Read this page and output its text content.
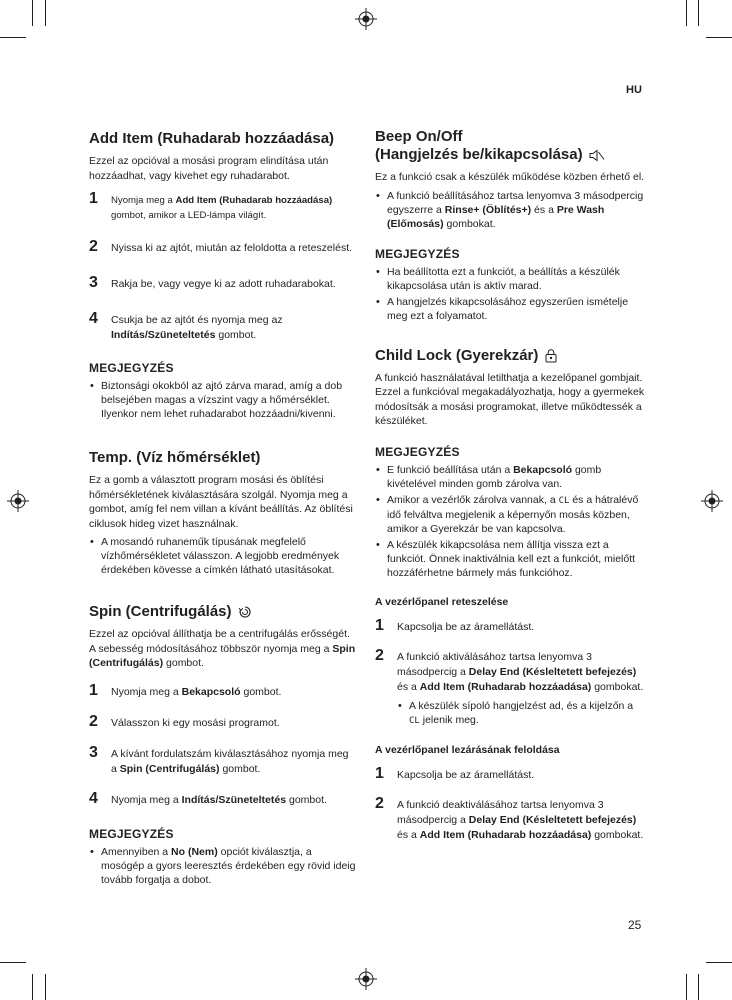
HU
25
Add Item (Ruhadarab hozzáadása)

Ezzel az opcióval a mosási program elindítása után hozzáadhat, vagy kivehet egy ruhadarabot.

1 Nyomja meg a Add Item (Ruhadarab hozzáadása) gombot, amikor a LED-lámpa világít.
2 Nyissa ki az ajtót, miután az feloldotta a reteszelést.
3 Rakja be, vagy vegye ki az adott ruhadarabokat.
4 Csukja be az ajtót és nyomja meg az Indítás/Szüneteltetés gombot.
MEGJEGYZÉS
• Biztonsági okokból az ajtó zárva marad, amíg a dob belsejében magas a vízszint vagy a hőmérséklet. Ilyenkor nem lehet ruhadarabot hozzáadni/kivenni.
Temp. (Víz hőmérséklet)

Ez a gomb a választott program mosási és öblítési hőmérsékletének kiválasztására szolgál. Nyomja meg a gombot, amíg fel nem villan a kívánt beállítás. Az öblítési ciklusok hideg vizet használnak.

• A mosandó ruhaneműk típusának megfelelő vízhőmérsékletet válasszon. A legjobb eredmények érdekében kövesse a címkén látható utasításokat.
Spin (Centrifugálás)

Ezzel az opcióval állíthatja be a centrifugálás erősségét. A sebesség módosításához többször nyomja meg a Spin (Centrifugálás) gombot.

1 Nyomja meg a Bekapcsoló gombot.
2 Válasszon ki egy mosási programot.
3 A kívánt fordulatszám kiválasztásához nyomja meg a Spin (Centrifugálás) gombot.
4 Nyomja meg a Indítás/Szüneteltetés gombot.
MEGJEGYZÉS
• Amennyiben a No (Nem) opciót kiválasztja, a mosógép a gyors leeresztés érdekében egy rövid ideig tovább forgatja a dobot.
Beep On/Off
(Hangjelzés be/kikapcsolása)

Ez a funkció csak a készülék működése közben érhető el.

• A funkció beállításához tartsa lenyomva 3 másodpercig egyszerre a Rinse+ (Öblítés+) és a Pre Wash (Előmosás) gombokat.
MEGJEGYZÉS
• Ha beállította ezt a funkciót, a beállítás a készülék kikapcsolása után is aktív marad.
• A hangjelzés kikapcsolásához egyszerűen ismételje meg ezt a folyamatot.
Child Lock (Gyerekzár)

A funkció használatával letilthatja a kezelőpanel gombjait. Ezzel a funkcióval megakadályozhatja, hogy a gyermekek módosítsák a mosási programokat, illetve működtessék a készüléket.

MEGJEGYZÉS
• E funkció beállítása után a Bekapcsoló gomb kivételével minden gomb zárolva van.
• Amikor a vezérlők zárolva vannak, a CL és a hátralévő idő felváltva megjelenik a képernyőn mosás közben, amikor a Gyerekzár be van kapcsolva.
• A készülék kikapcsolása nem állítja vissza ezt a funkciót. Önnek inaktiválnia kell ezt a funkciót, mielőtt hozzáférhetne bármely más funkcióhoz.
A vezérlőpanel reteszelése
1 Kapcsolja be az áramellátást.
2 A funkció aktiválásához tartsa lenyomva 3 másodpercig a Delay End (Késleltetett befejezés) és a Add Item (Ruhadarab hozzáadása) gombokat.
• A készülék sípoló hangjelzést ad, és a kijelzőn a CL jelenik meg.
A vezérlőpanel lezárásának feloldása
1 Kapcsolja be az áramellátást.
2 A funkció deaktiválásához tartsa lenyomva 3 másodpercig a Delay End (Késleltetett befejezés) és a Add Item (Ruhadarab hozzáadása) gombokat.
